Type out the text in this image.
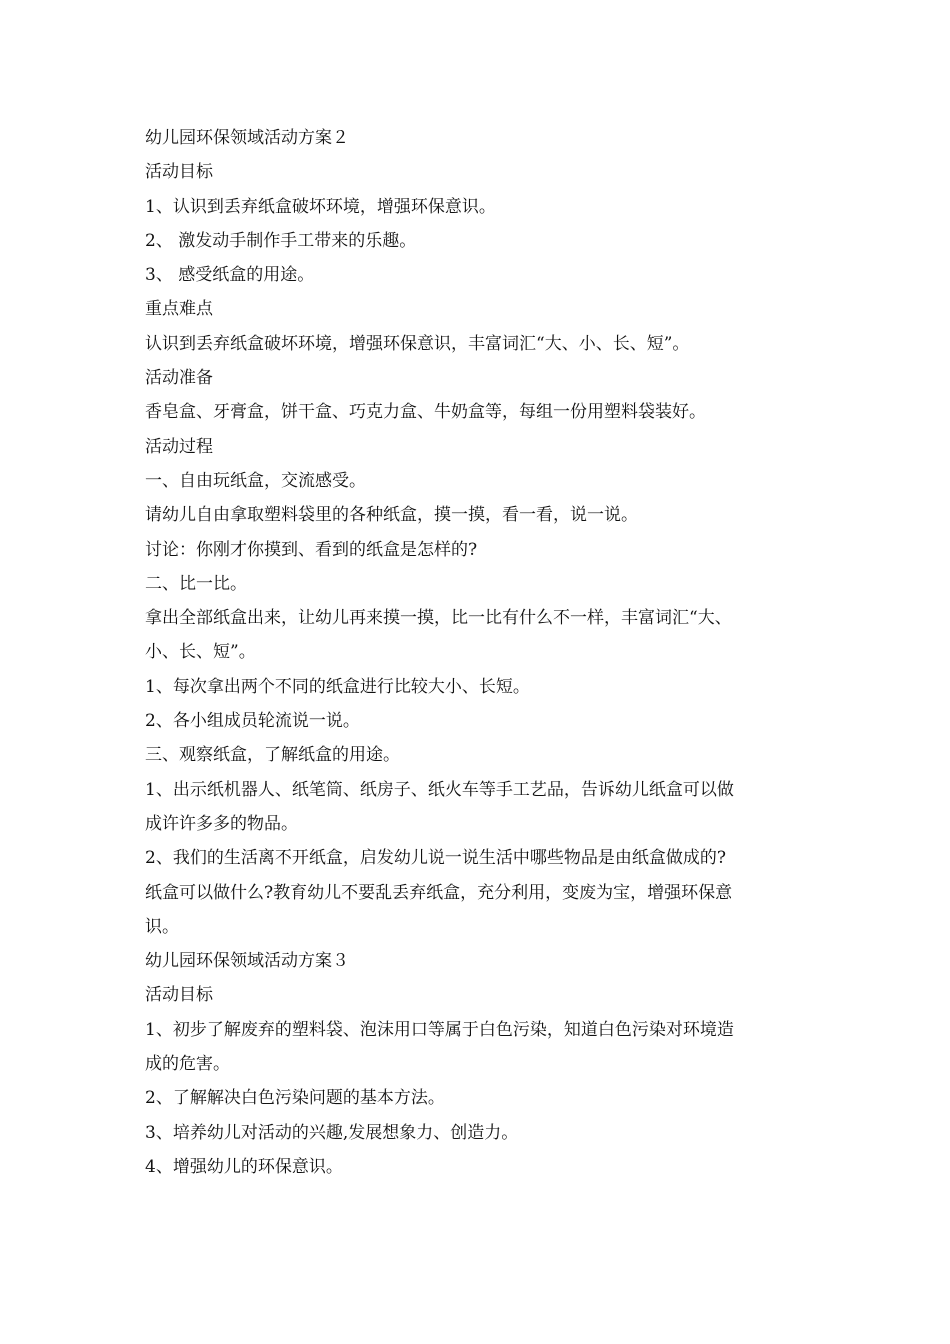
幼儿园环保领域活动方案２

活动目标

1、认识到丢弃纸盒破坏环境，增强环保意识。

2、 激发动手制作手工带来的乐趣。

3、 感受纸盒的用途。

重点难点

认识到丢弃纸盒破坏环境，增强环保意识，丰富词汇“大、小、长、短”。

活动准备

香皂盒、牙膏盒，饼干盒、巧克力盒、牛奶盒等，每组一份用塑料袋装好。

活动过程

一、自由玩纸盒，交流感受。

请幼儿自由拿取塑料袋里的各种纸盒，摸一摸，看一看，说一说。

讨论：你刚才你摸到、看到的纸盒是怎样的?

二、比一比。

拿出全部纸盒出来，让幼儿再来摸一摸，比一比有什么不一样，丰富词汇“大、

小、长、短”。

1、每次拿出两个不同的纸盒进行比较大小、长短。

2、各小组成员轮流说一说。

三、观察纸盒，了解纸盒的用途。

1、出示纸机器人、纸笔筒、纸房子、纸火车等手工艺品，告诉幼儿纸盒可以做

成许许多多的物品。

2、我们的生活离不开纸盒，启发幼儿说一说生活中哪些物品是由纸盒做成的?

纸盒可以做什么?教育幼儿不要乱丢弃纸盒，充分利用，变废为宝，增强环保意

识。

幼儿园环保领域活动方案３

活动目标

1、初步了解废弃的塑料袋、泡沫用口等属于白色污染，知道白色污染对环境造

成的危害。

2、了解解决白色污染问题的基本方法。

3、培养幼儿对活动的兴趣,发展想象力、创造力。

4、增强幼儿的环保意识。
